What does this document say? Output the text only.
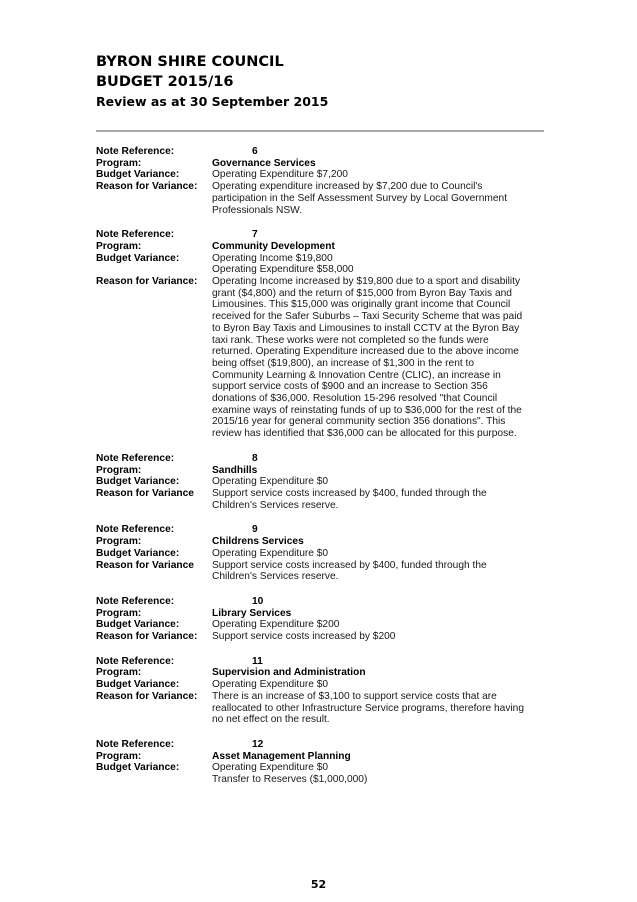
BYRON SHIRE COUNCIL
BUDGET 2015/16
Review as at 30 September 2015
Note Reference:	6
Program:	Governance Services
Budget Variance:	Operating Expenditure $7,200
Reason for Variance:	Operating expenditure increased by $7,200 due to Council's
participation in the Self Assessment Survey by Local Government
Professionals NSW.
Note Reference:	7
Program:	Community Development
Budget Variance:	Operating Income $19,800
Operating Expenditure $58,000
Reason for Variance:	Operating Income increased by $19,800 due to a sport and disability
grant ($4,800) and the return of $15,000 from Byron Bay Taxis and
Limousines. This $15,000 was originally grant income that Council
received for the Safer Suburbs – Taxi Security Scheme that was paid
to Byron Bay Taxis and Limousines to install CCTV at the Byron Bay
taxi rank. These works were not completed so the funds were
returned. Operating Expenditure increased due to the above income
being offset ($19,800), an increase of $1,300 in the rent to
Community Learning & Innovation Centre (CLIC), an increase in
support service costs of $900 and an increase to Section 356
donations of $36,000. Resolution 15-296 resolved "that Council
examine ways of reinstating funds of up to $36,000 for the rest of the
2015/16 year for general community section 356 donations". This
review has identified that $36,000 can be allocated for this purpose.
Note Reference:	8
Program:	Sandhills
Budget Variance:	Operating Expenditure $0
Reason for Variance	Support service costs increased by $400, funded through the
Children's Services reserve.
Note Reference:	9
Program:	Childrens Services
Budget Variance:	Operating Expenditure $0
Reason for Variance	Support service costs increased by $400, funded through the
Children's Services reserve.
Note Reference:	10
Program:	Library Services
Budget Variance:	Operating Expenditure $200
Reason for Variance:	Support service costs increased by $200
Note Reference:	11
Program:	Supervision and Administration
Budget Variance:	Operating Expenditure $0
Reason for Variance:	There is an increase of $3,100 to support service costs that are
reallocated to other Infrastructure Service programs, therefore having
no net effect on the result.
Note Reference:	12
Program:	Asset Management Planning
Budget Variance:	Operating Expenditure $0
Transfer to Reserves ($1,000,000)
52
